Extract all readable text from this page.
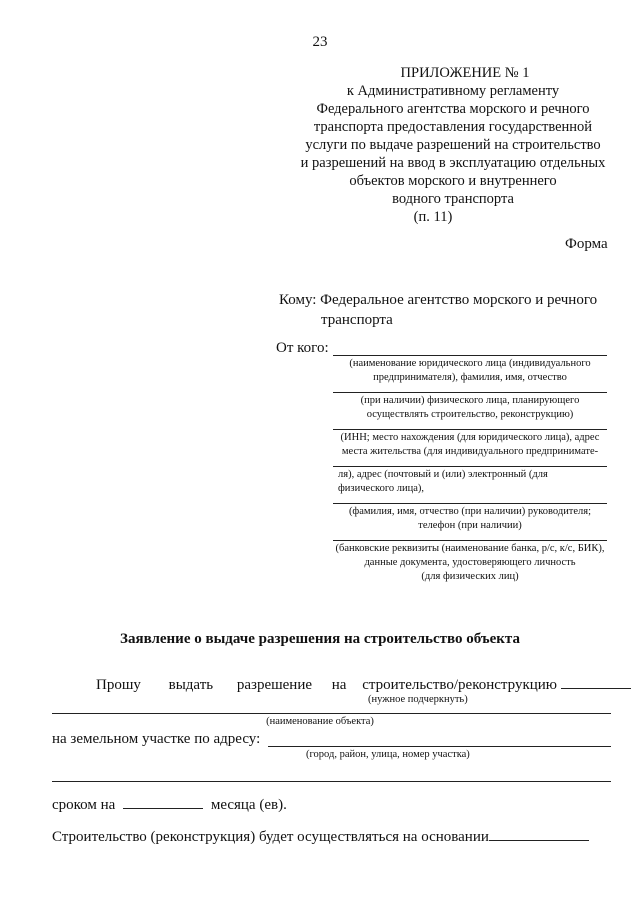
23
ПРИЛОЖЕНИЕ № 1
к Административному регламенту
Федерального агентства морского и речного
транспорта предоставления государственной
услуги по выдаче разрешений на строительство
и разрешений на ввод в эксплуатацию отдельных
объектов морского и внутреннего
водного транспорта
(п. 11)
Форма
Кому: Федеральное агентство морского и речного
транспорта
От кого:
(наименование юридического лица (индивидуального
предпринимателя), фамилия, имя, отчество
(при наличии) физического лица, планирующего
осуществлять строительство, реконструкцию)
(ИНН; место нахождения (для юридического лица), адрес
места жительства (для индивидуального предпринимате-
ля), адрес (почтовый и (или) электронный (для
физического лица),
(фамилия, имя, отчество (при наличии) руководителя;
телефон (при наличии)
(банковские реквизиты (наименование банка, р/с, к/с, БИК),
данные документа, удостоверяющего личность
(для физических лиц)
Заявление о выдаче разрешения на строительство объекта
Прошу выдать разрешение на строительство/реконструкцию
(нужное подчеркнуть)
(наименование объекта)
на земельном участке по адресу:
(город, район, улица, номер участка)
сроком на	месяца (ев).
Строительство (реконструкция) будет осуществляться на основании
